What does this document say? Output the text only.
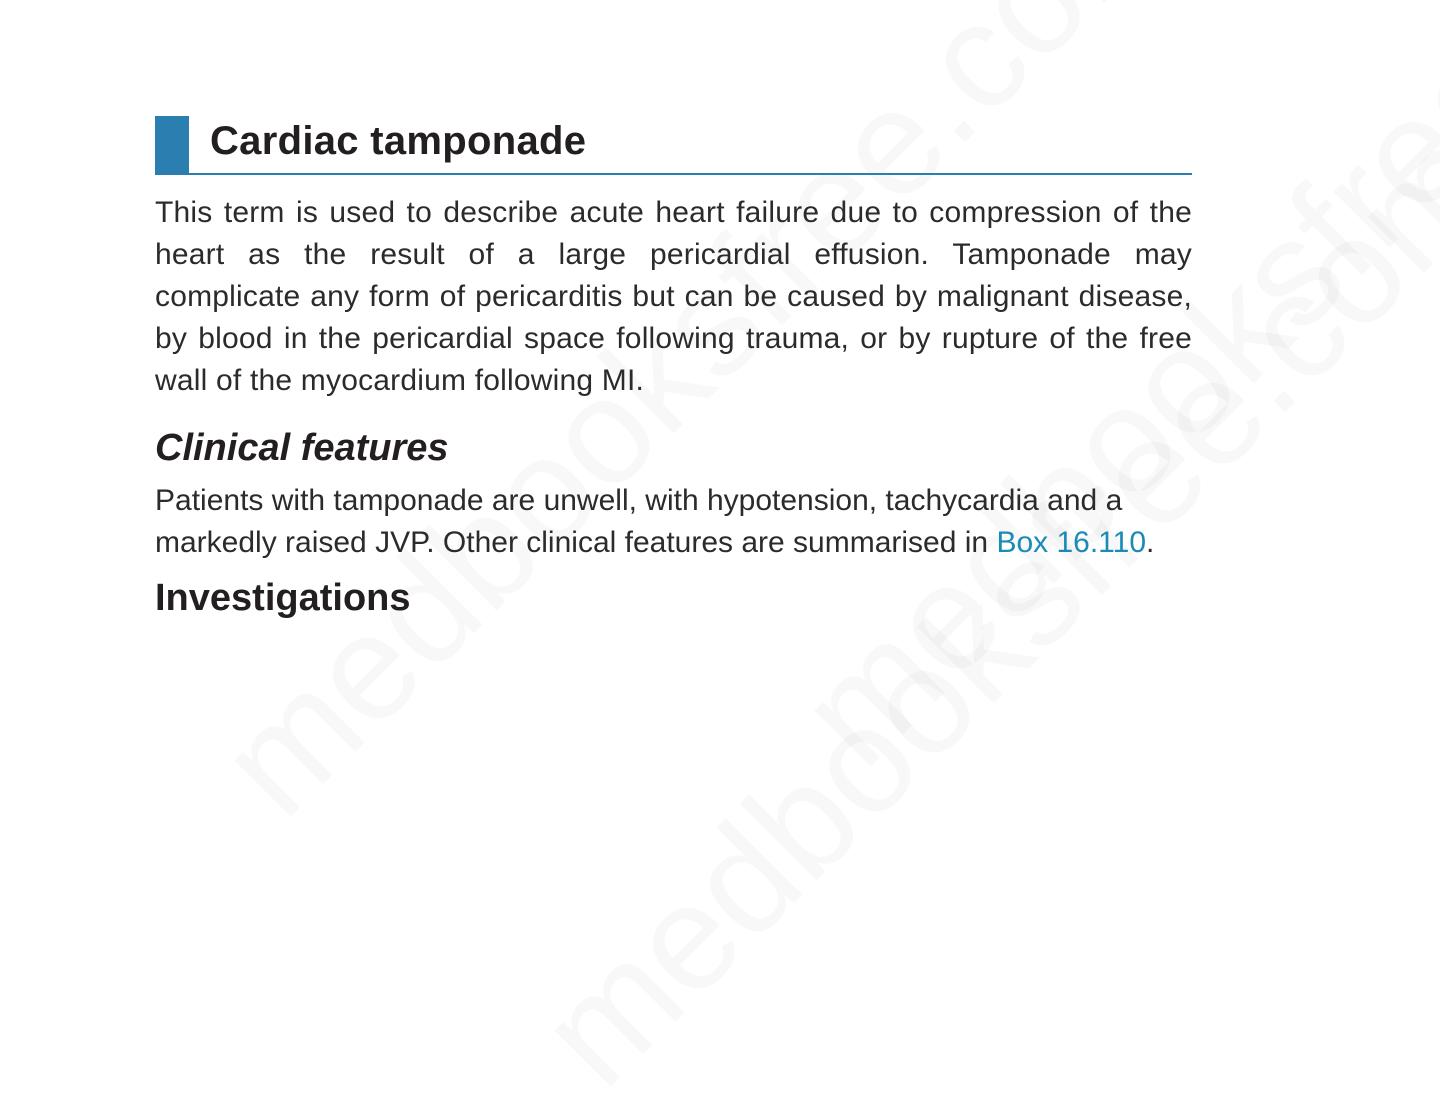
Cardiac tamponade

This term is used to describe acute heart failure due to compression of the heart as the result of a large pericardial effusion. Tamponade may complicate any form of pericarditis but can be caused by malignant disease, by blood in the pericardial space following trauma, or by rupture of the free wall of the myocardium following MI.

Clinical features

Patients with tamponade are unwell, with hypotension, tachycardia and a markedly raised JVP. Other clinical features are summarised in Box 16.110.

Investigations
